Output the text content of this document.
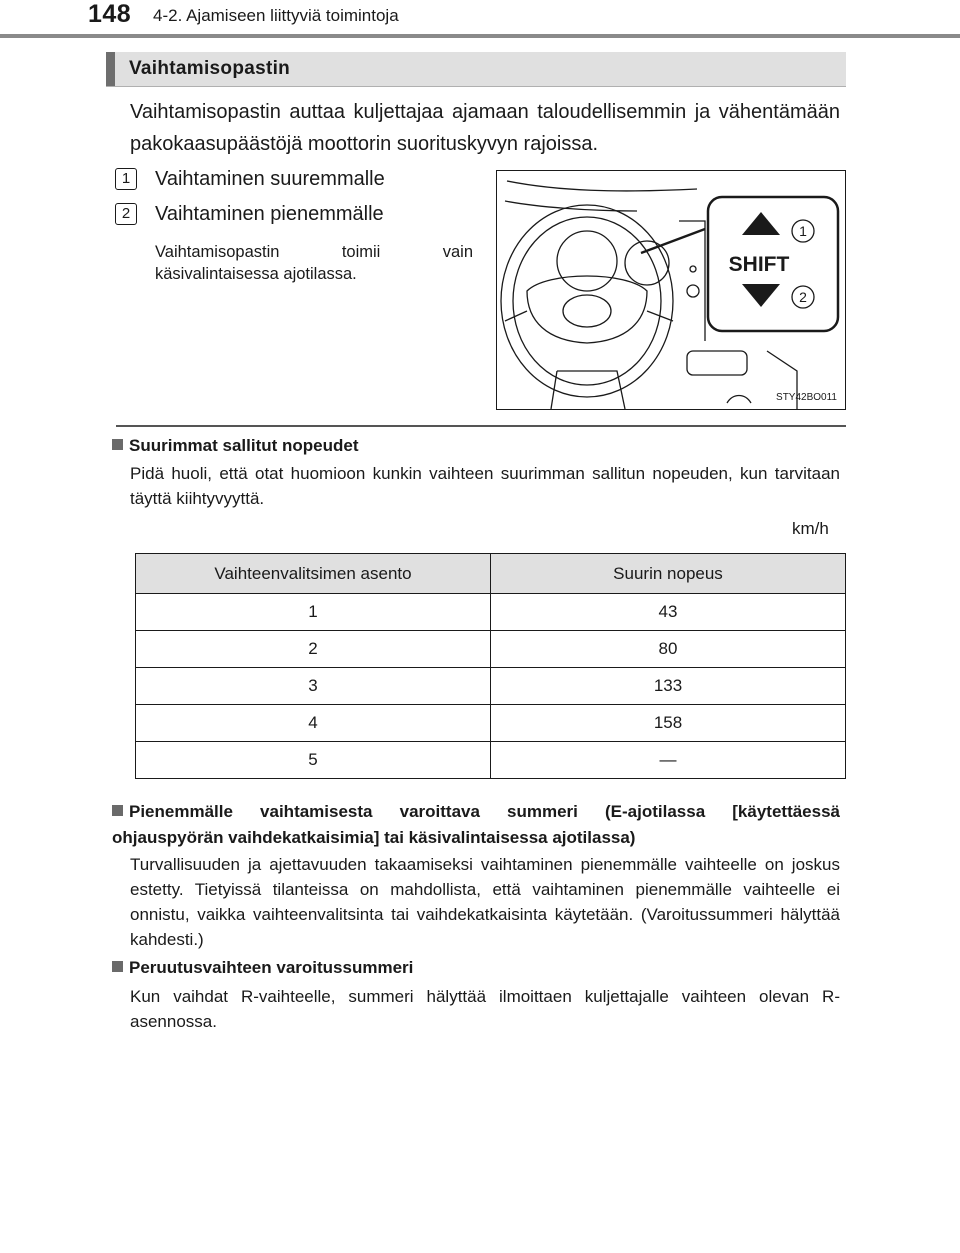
148 4-2. Ajamiseen liittyviä toimintoja
Vaihtamisopastin
Vaihtamisopastin auttaa kuljettajaa ajamaan taloudellisemmin ja vähentämään pakokaasupäästöjä moottorin suorituskyvyn rajoissa.
1	Vaihtaminen suuremmalle
2	Vaihtaminen pienemmälle
Vaihtamisopastin toimii vain käsivalintaisessa ajotilassa.	SHIFT
1
2
STY42BO011
Suurimmat sallitut nopeudet
Pidä huoli, että otat huomioon kunkin vaihteen suurimman sallitun nopeuden, kun tarvitaan täyttä kiihtyvyyttä.
km/h
Vaihteenvalitsimen asento	Suurin nopeus
1	43
2	80
3	133
4	158
5	—
Pienemmälle vaihtamisesta varoittava summeri (E-ajotilassa [käytettäessä ohjauspyörän vaihdekatkaisimia] tai käsivalintaisessa ajotilassa)
Turvallisuuden ja ajettavuuden takaamiseksi vaihtaminen pienemmälle vaihteelle on joskus estetty. Tietyissä tilanteissa on mahdollista, että vaihtaminen pienemmälle vaihteelle ei onnistu, vaikka vaihteenvalitsinta tai vaihdekatkaisinta käytetään. (Varoitussummeri hälyttää kahdesti.)
Peruutusvaihteen varoitussummeri
Kun vaihdat R-vaihteelle, summeri hälyttää ilmoittaen kuljettajalle vaihteen olevan R-asennossa.
